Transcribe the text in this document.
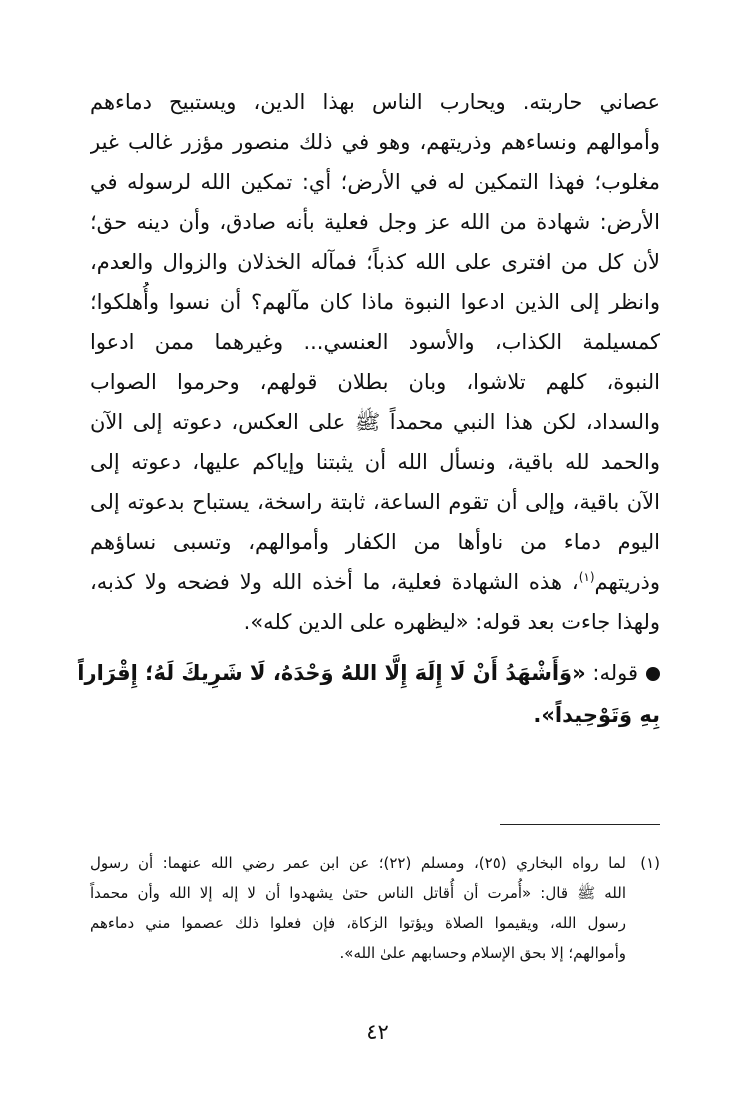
عصاني حاربته. ويحارب الناس بهذا الدين، ويستبيح دماءهم
وأموالهم ونساءهم وذريتهم، وهو في ذلك منصور مؤزر غالب غير
مغلوب؛ فهذا التمكين له في الأرض؛ أي: تمكين الله لرسوله في
الأرض: شهادة من الله عز وجل فعلية بأنه صادق، وأن دينه حق؛
لأن كل من افترى على الله كذباً؛ فمآله الخذلان والزوال والعدم،
وانظر إلى الذين ادعوا النبوة ماذا كان مآلهم؟ أن نسوا وأُهلكوا؛
كمسيلمة الكذاب، والأسود العنسي... وغيرهما ممن ادعوا
النبوة، كلهم تلاشوا، وبان بطلان قولهم، وحرموا الصواب
والسداد، لكن هذا النبي محمداً ﷺ على العكس، دعوته إلى الآن
والحمد لله باقية، ونسأل الله أن يثبتنا وإياكم عليها، دعوته إلى
الآن باقية، وإلى أن تقوم الساعة، ثابتة راسخة، يستباح بدعوته إلى
اليوم دماء من ناوأها من الكفار وأموالهم، وتسبى نساؤهم
وذريتهم$^{(١)}$، هذه الشهادة فعلية، ما أخذه الله ولا فضحه ولا كذبه،
ولهذا جاءت بعد قوله: «ليظهره على الدين كله».
قوله: «وَأَشْهَدُ أَنْ لَا إِلَهَ إِلَّا اللهُ وَحْدَهُ، لَا شَرِيكَ لَهُ؛ إِقْرَاراً
بِهِ وَتَوْحِيداً».
(١)لما رواه البخاري (٢٥)، ومسلم (٢٢)؛ عن ابن عمر رضي الله عنهما: أن رسول
الله ﷺ قال: «أُمرت أن أُقاتل الناس حتىٰ يشهدوا أن لا إله إلا الله وأن محمداً
رسول الله، ويقيموا الصلاة ويؤتوا الزكاة، فإن فعلوا ذلك عصموا مني دماءهم
وأموالهم؛ إلا بحق الإسلام وحسابهم علىٰ الله».
٤٢
